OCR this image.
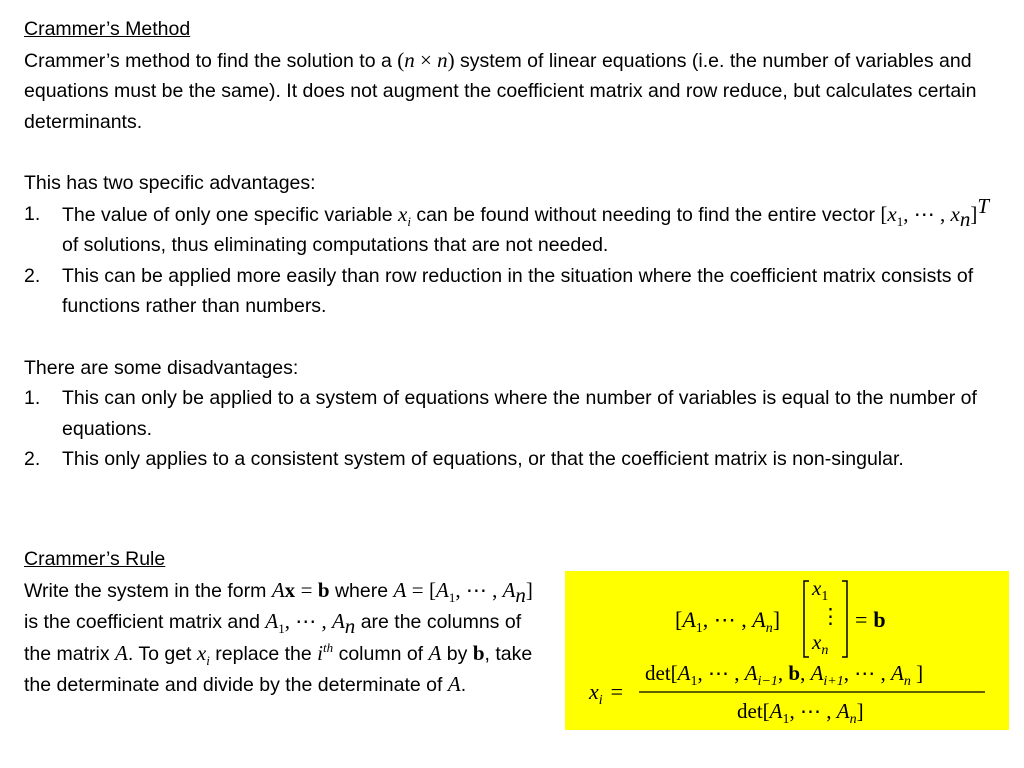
Crammer’s Method
Crammer’s method to find the solution to a (n × n) system of linear equations (i.e. the number of variables and equations must be the same). It does not augment the coefficient matrix and row reduce, but calculates certain determinants.
This has two specific advantages:
1. The value of only one specific variable $x_i$ can be found without needing to find the entire vector [$x_1$, ⋯ , $x_n]^T$ of solutions, thus eliminating computations that are not needed.
2. This can be applied more easily than row reduction in the situation where the coefficient matrix consists of functions rather than numbers.
There are some disadvantages:
1. This can only be applied to a system of equations where the number of variables is equal to the number of equations.
2. This only applies to a consistent system of equations, or that the coefficient matrix is non-singular.
Crammer’s Rule
Write the system in the form Ax = b where $A = [A_1$, ⋯ , $A_n$] is the coefficient matrix and $A_1$, ⋯ , $A_n$ are the columns of the matrix A. To get $x_i$ replace the $i^{th}$ column of A by b, take the determinate and divide by the determinate of A.
[$A_1$, ⋯ , $A_n$]
$x_1$
⋮
$x_n$
= b
$x_i$ =
$\det[A_1$, ⋯ , $A_{i-1}$, b, $A_{i+1}$, ⋯ , $A_n$ ]
$\det[A_1$, ⋯ , $A_n$]
